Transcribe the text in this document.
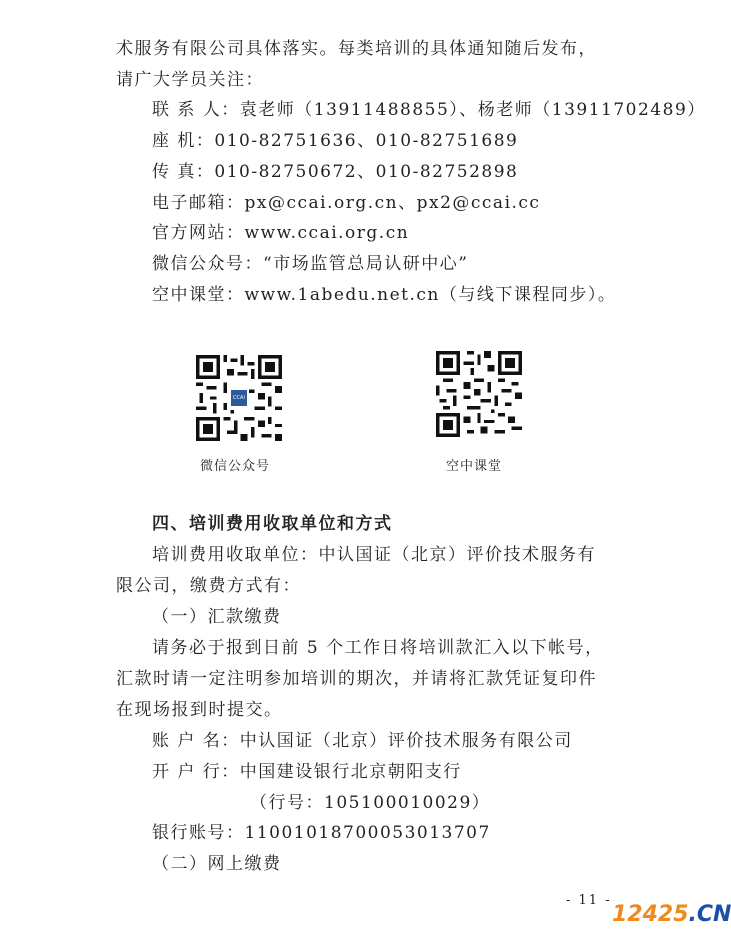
术服务有限公司具体落实。每类培训的具体通知随后发布，
请广大学员关注：
联 系 人：袁老师（13911488855）、杨老师（13911702489）
座 机：010-82751636、010-82751689
传 真：010-82750672、010-82752898
电子邮箱：px@ccai.org.cn、px2@ccai.cc
官方网站：www.ccai.org.cn
微信公众号：“市场监管总局认研中心”
空中课堂：www.1abedu.net.cn（与线下课程同步）。
CCAI
微信公众号	空中课堂
四、培训费用收取单位和方式
培训费用收取单位：中认国证（北京）评价技术服务有
限公司，缴费方式有：
（一）汇款缴费
请务必于报到日前 5 个工作日将培训款汇入以下帐号，
汇款时请一定注明参加培训的期次，并请将汇款凭证复印件
在现场报到时提交。
账 户 名：中认国证（北京）评价技术服务有限公司
开 户 行：中国建设银行北京朝阳支行
（行号：105100010029）
银行账号：11001018700053013707
（二）网上缴费
- 11 -
12425.CN
